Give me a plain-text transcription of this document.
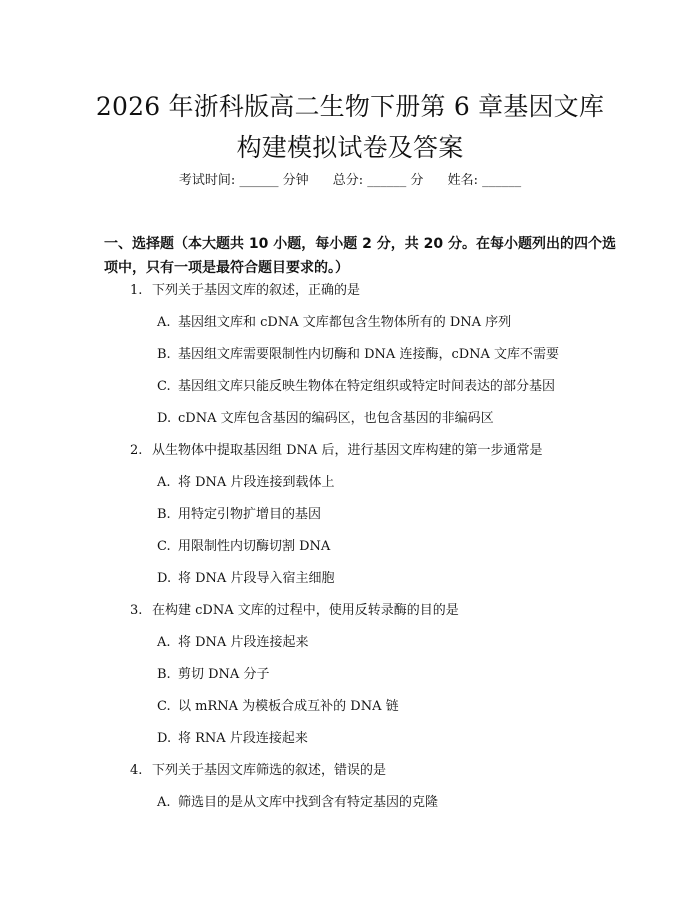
2026 年浙科版高二生物下册第 6 章基因文库
构建模拟试卷及答案
考试时间: ______ 分钟 总分: ______ 分 姓名: ______
一、选择题（本大题共 10 小题，每小题 2 分，共 20 分。在每小题列出的四个选
项中，只有一项是最符合题目要求的。）
1. 下列关于基因文库的叙述，正确的是
A. 基因组文库和 cDNA 文库都包含生物体所有的 DNA 序列
B. 基因组文库需要限制性内切酶和 DNA 连接酶，cDNA 文库不需要
C. 基因组文库只能反映生物体在特定组织或特定时间表达的部分基因
D. cDNA 文库包含基因的编码区，也包含基因的非编码区
2. 从生物体中提取基因组 DNA 后，进行基因文库构建的第一步通常是
A. 将 DNA 片段连接到载体上
B. 用特定引物扩增目的基因
C. 用限制性内切酶切割 DNA
D. 将 DNA 片段导入宿主细胞
3. 在构建 cDNA 文库的过程中，使用反转录酶的目的是
A. 将 DNA 片段连接起来
B. 剪切 DNA 分子
C. 以 mRNA 为模板合成互补的 DNA 链
D. 将 RNA 片段连接起来
4. 下列关于基因文库筛选的叙述，错误的是
A. 筛选目的是从文库中找到含有特定基因的克隆
